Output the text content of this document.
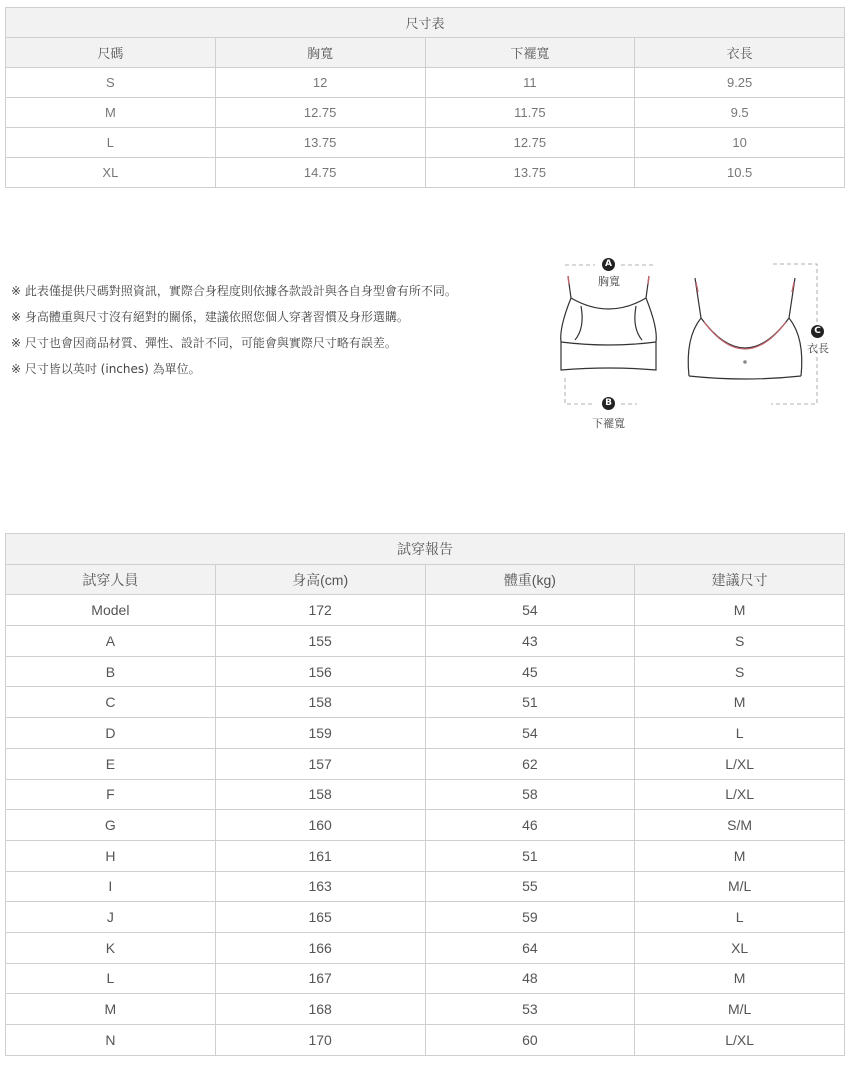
尺寸表			
尺碼	胸寬	下襬寬	衣長
S	12	11	9.25
M	12.75	11.75	9.5
L	13.75	12.75	10
XL	14.75	13.75	10.5
※ 此表僅提供尺碼對照資訊，實際合身程度則依據各款設計與各自身型會有所不同。
※ 身高體重與尺寸沒有絕對的關係，建議依照您個人穿著習慣及身形選購。
※ 尺寸也會因商品材質、彈性、設計不同，可能會與實際尺寸略有誤差。
※ 尺寸皆以英吋 (inches) 為單位。
A
胸寬
B
下襬寬
C
衣長
試穿報告			
試穿人員	身高(cm)	體重(kg)	建議尺寸
Model	172	54	M
A	155	43	S
B	156	45	S
C	158	51	M
D	159	54	L
E	157	62	L/XL
F	158	58	L/XL
G	160	46	S/M
H	161	51	M
I	163	55	M/L
J	165	59	L
K	166	64	XL
L	167	48	M
M	168	53	M/L
N	170	60	L/XL
